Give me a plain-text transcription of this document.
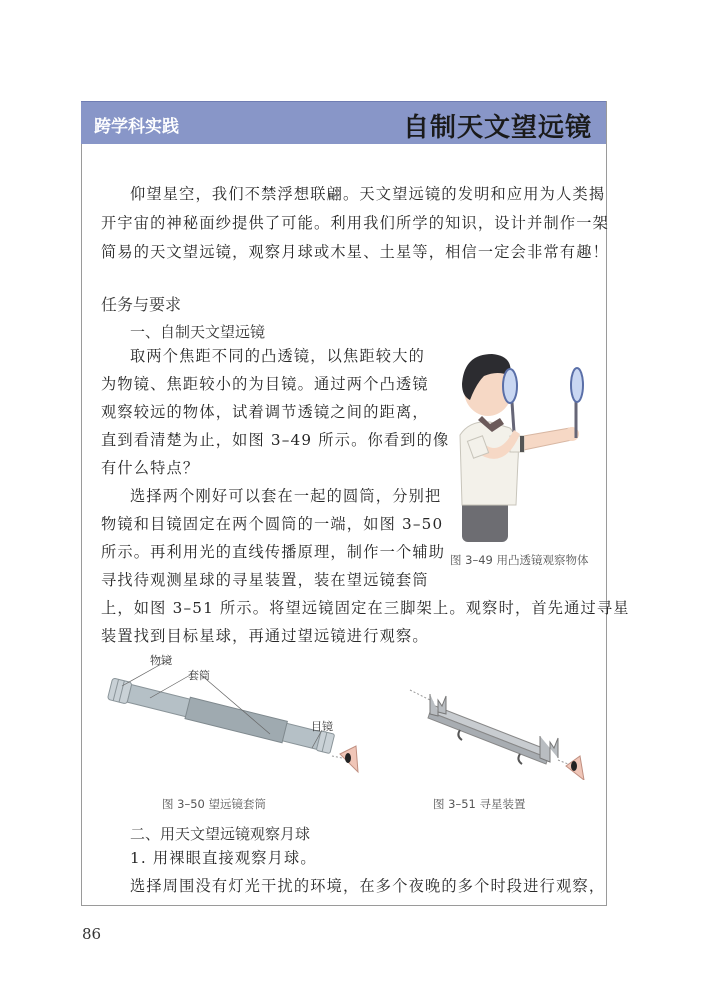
跨学科实践	自制天文望远镜
仰望星空，我们不禁浮想联翩。天文望远镜的发明和应用为人类揭
开宇宙的神秘面纱提供了可能。利用我们所学的知识，设计并制作一架
简易的天文望远镜，观察月球或木星、土星等，相信一定会非常有趣！
任务与要求
一、自制天文望远镜
取两个焦距不同的凸透镜，以焦距较大的
为物镜、焦距较小的为目镜。通过两个凸透镜
观察较远的物体，试着调节透镜之间的距离，
直到看清楚为止，如图 3–49 所示。你看到的像
有什么特点？
选择两个刚好可以套在一起的圆筒，分别把
物镜和目镜固定在两个圆筒的一端，如图 3–50
所示。再利用光的直线传播原理，制作一个辅助
寻找待观测星球的寻星装置，装在望远镜套筒
上，如图 3–51 所示。将望远镜固定在三脚架上。观察时，首先通过寻星
装置找到目标星球，再通过望远镜进行观察。
图 3–49 用凸透镜观察物体
物镜
套筒
目镜
图 3–50 望远镜套筒	图 3–51 寻星装置
二、用天文望远镜观察月球
1. 用裸眼直接观察月球。
选择周围没有灯光干扰的环境，在多个夜晚的多个时段进行观察，
86
